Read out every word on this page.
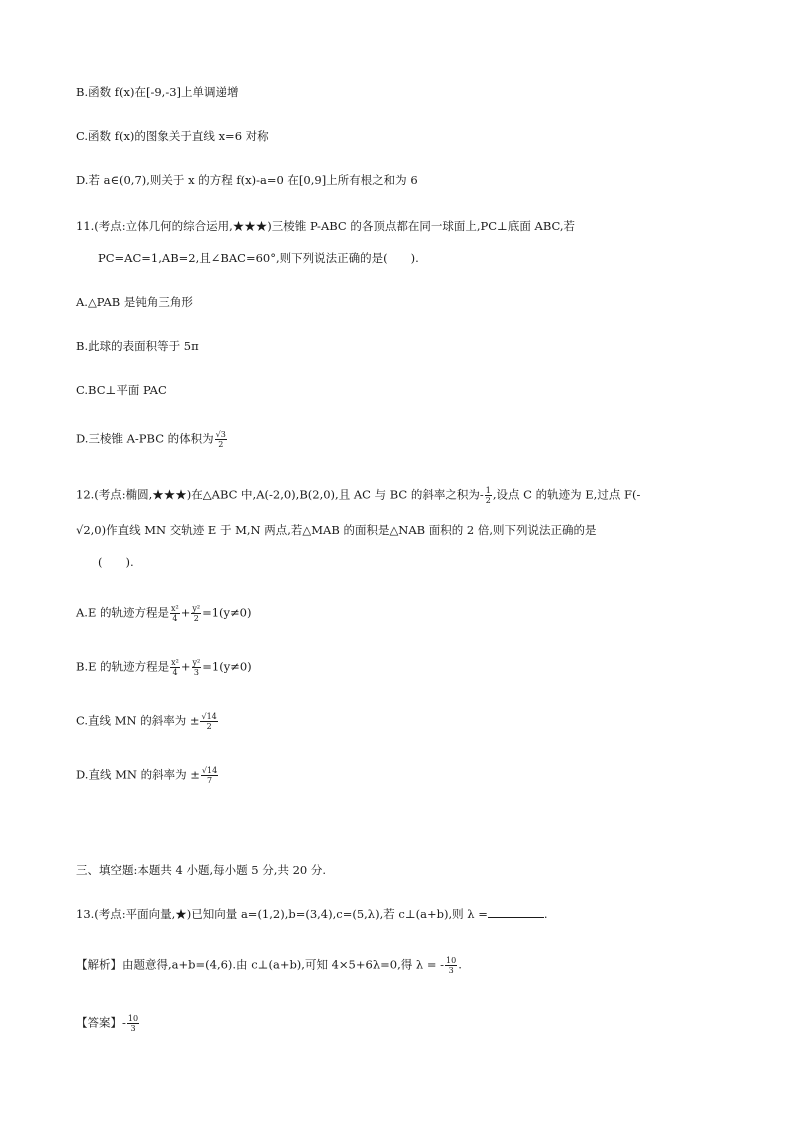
B.函数 f(x)在[-9,-3]上单调递增
C.函数 f(x)的图象关于直线 x=6 对称
D.若 a∈(0,7),则关于 x 的方程 f(x)-a=0 在[0,9]上所有根之和为 6
11.(考点:立体几何的综合运用,★★★)三棱锥 P-ABC 的各顶点都在同一球面上,PC⊥底面 ABC,若
PC=AC=1,AB=2,且∠BAC=60°,则下列说法正确的是(　　).
A.△PAB 是钝角三角形
B.此球的表面积等于 5π
C.BC⊥平面 PAC
D.三棱锥 A-PBC 的体积为 $\frac{√3}{2}$
12.(考点:椭圆,★★★)在△ABC 中,A(-2,0),B(2,0),且 AC 与 BC 的斜率之积为- $\frac{1}{2}$ ,设点 C 的轨迹为 E,过点 F(-
√2,0)作直线 MN 交轨迹 E 于 M,N 两点,若△MAB 的面积是△NAB 面积的 2 倍,则下列说法正确的是
(　　).
A.E 的轨迹方程是 $\frac{\text{x²}}{4} + \frac{\text{y²}}{2} =1(y\ne 0)$
B.E 的轨迹方程是 $\frac{\text{x²}}{4} + \frac{\text{y²}}{3} =1(y\ne 0)$
C.直线 MN 的斜率为 ± $\frac{√14}{2}$
D.直线 MN 的斜率为 ± $\frac{√14}{7}$
三、填空题:本题共 4 小题,每小题 5 分,共 20 分.
13.(考点:平面向量,★)已知向量 a=(1,2),b=(3,4),c=(5,λ),若 c⊥(a+b),则 λ =	.
【解析】由题意得,a+b=(4,6).由 c⊥(a+b),可知 4×5+6λ=0,得 λ = - $\frac{10}{3}$ .
【答案】- $\frac{10}{3}$
